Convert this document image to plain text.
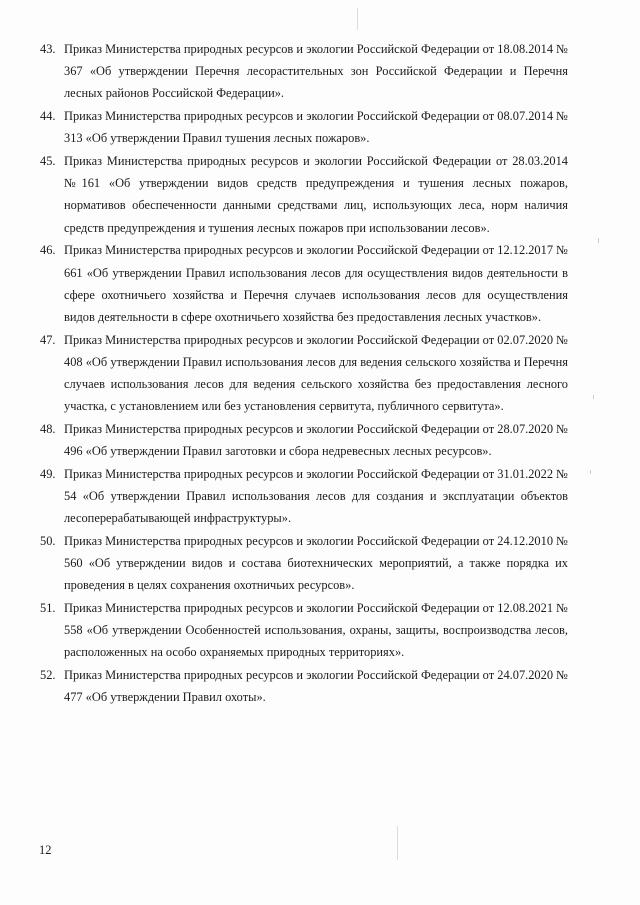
43. Приказ Министерства природных ресурсов и экологии Российской Федерации от 18.08.2014 № 367 «Об утверждении Перечня лесорастительных зон Российской Федерации и Перечня лесных районов Российской Федерации».
44. Приказ Министерства природных ресурсов и экологии Российской Федерации от 08.07.2014 № 313 «Об утверждении Правил тушения лесных пожаров».
45. Приказ Министерства природных ресурсов и экологии Российской Федерации от 28.03.2014 №161 «Об утверждении видов средств предупреждения и тушения лесных пожаров, нормативов обеспеченности данными средствами лиц, использующих леса, норм наличия средств предупреждения и тушения лесных пожаров при использовании лесов».
46. Приказ Министерства природных ресурсов и экологии Российской Федерации от 12.12.2017 № 661 «Об утверждении Правил использования лесов для осуществления видов деятельности в сфере охотничьего хозяйства и Перечня случаев использования лесов для осуществления видов деятельности в сфере охотничьего хозяйства без предоставления лесных участков».
47. Приказ Министерства природных ресурсов и экологии Российской Федерации от 02.07.2020 № 408 «Об утверждении Правил использования лесов для ведения сельского хозяйства и Перечня случаев использования лесов для ведения сельского хозяйства без предоставления лесного участка, с установлением или без установления сервитута, публичного сервитута».
48. Приказ Министерства природных ресурсов и экологии Российской Федерации от 28.07.2020 № 496 «Об утверждении Правил заготовки и сбора недревесных лесных ресурсов».
49. Приказ Министерства природных ресурсов и экологии Российской Федерации от 31.01.2022 № 54 «Об утверждении Правил использования лесов для создания и эксплуатации объектов лесоперерабатывающей инфраструктуры».
50. Приказ Министерства природных ресурсов и экологии Российской Федерации от 24.12.2010 № 560 «Об утверждении видов и состава биотехнических мероприятий, а также порядка их проведения в целях сохранения охотничьих ресурсов».
51. Приказ Министерства природных ресурсов и экологии Российской Федерации от 12.08.2021 № 558 «Об утверждении Особенностей использования, охраны, защиты, воспроизводства лесов, расположенных на особо охраняемых природных территориях».
52. Приказ Министерства природных ресурсов и экологии Российской Федерации от 24.07.2020 № 477 «Об утверждении Правил охоты».
12
